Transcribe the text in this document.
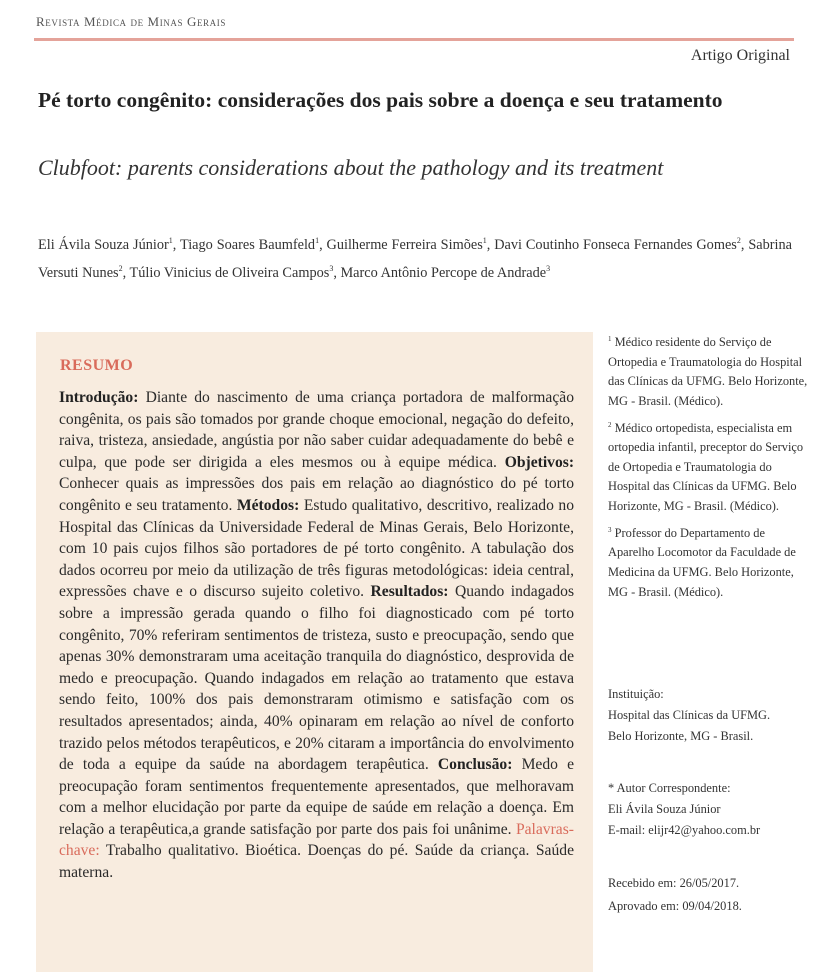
Revista Médica de Minas Gerais
Artigo Original
Pé torto congênito: considerações dos pais sobre a doença e seu tratamento
Clubfoot: parents considerations about the pathology and its treatment
Eli Ávila Souza Júnior$^1$, Tiago Soares Baumfeld$^1$, Guilherme Ferreira Simões$^1$, Davi Coutinho Fonseca Fernandes Gomes$^2$, Sabrina Versuti Nunes$^2$, Túlio Vinicius de Oliveira Campos$^3$, Marco Antônio Percope de Andrade$^3$
RESUMO
Introdução: Diante do nascimento de uma criança portadora de malformação congênita, os pais são tomados por grande choque emocional, negação do defeito, raiva, tristeza, ansiedade, angústia por não saber cuidar adequadamente do bebê e culpa, que pode ser dirigida a eles mesmos ou à equipe médica. Objetivos: Conhecer quais as impressões dos pais em relação ao diagnóstico do pé torto congênito e seu tratamento. Métodos: Estudo qualitativo, descritivo, realizado no Hospital das Clínicas da Universidade Federal de Minas Gerais, Belo Horizonte, com 10 pais cujos filhos são portadores de pé torto congênito. A tabulação dos dados ocorreu por meio da utilização de três figuras metodológicas: ideia central, expressões chave e o discurso sujeito coletivo. Resultados: Quando indagados sobre a impressão gerada quando o filho foi diagnosticado com pé torto congênito, 70% referiram sentimentos de tristeza, susto e preocupação, sendo que apenas 30% demonstraram uma aceitação tranquila do diagnóstico, desprovida de medo e preocupação. Quando indagados em relação ao tratamento que estava sendo feito, 100% dos pais demonstraram otimismo e satisfação com os resultados apresentados; ainda, 40% opinaram em relação ao nível de conforto trazido pelos métodos terapêuticos, e 20% citaram a importância do envolvimento de toda a equipe da saúde na abordagem terapêutica. Conclusão: Medo e preocupação foram sentimentos frequentemente apresentados, que melhoravam com a melhor elucidação por parte da equipe de saúde em relação a doença. Em relação a terapêutica,a grande satisfação por parte dos pais foi unânime. Palavras-chave: Trabalho qualitativo. Bioética. Doenças do pé. Saúde da criança. Saúde materna.
$^1$ Médico residente do Serviço de Ortopedia e Traumatologia do Hospital das Clínicas da UFMG. Belo Horizonte, MG - Brasil. (Médico).
$^2$ Médico ortopedista, especialista em ortopedia infantil, preceptor do Serviço de Ortopedia e Traumatologia do Hospital das Clínicas da UFMG. Belo Horizonte, MG - Brasil. (Médico).
$^3$ Professor do Departamento de Aparelho Locomotor da Faculdade de Medicina da UFMG. Belo Horizonte, MG - Brasil. (Médico).
Instituição:
Hospital das Clínicas da UFMG.
Belo Horizonte, MG - Brasil.
* Autor Correspondente:
Eli Ávila Souza Júnior
E-mail: elijr42@yahoo.com.br
Recebido em: 26/05/2017.
Aprovado em: 09/04/2018.
